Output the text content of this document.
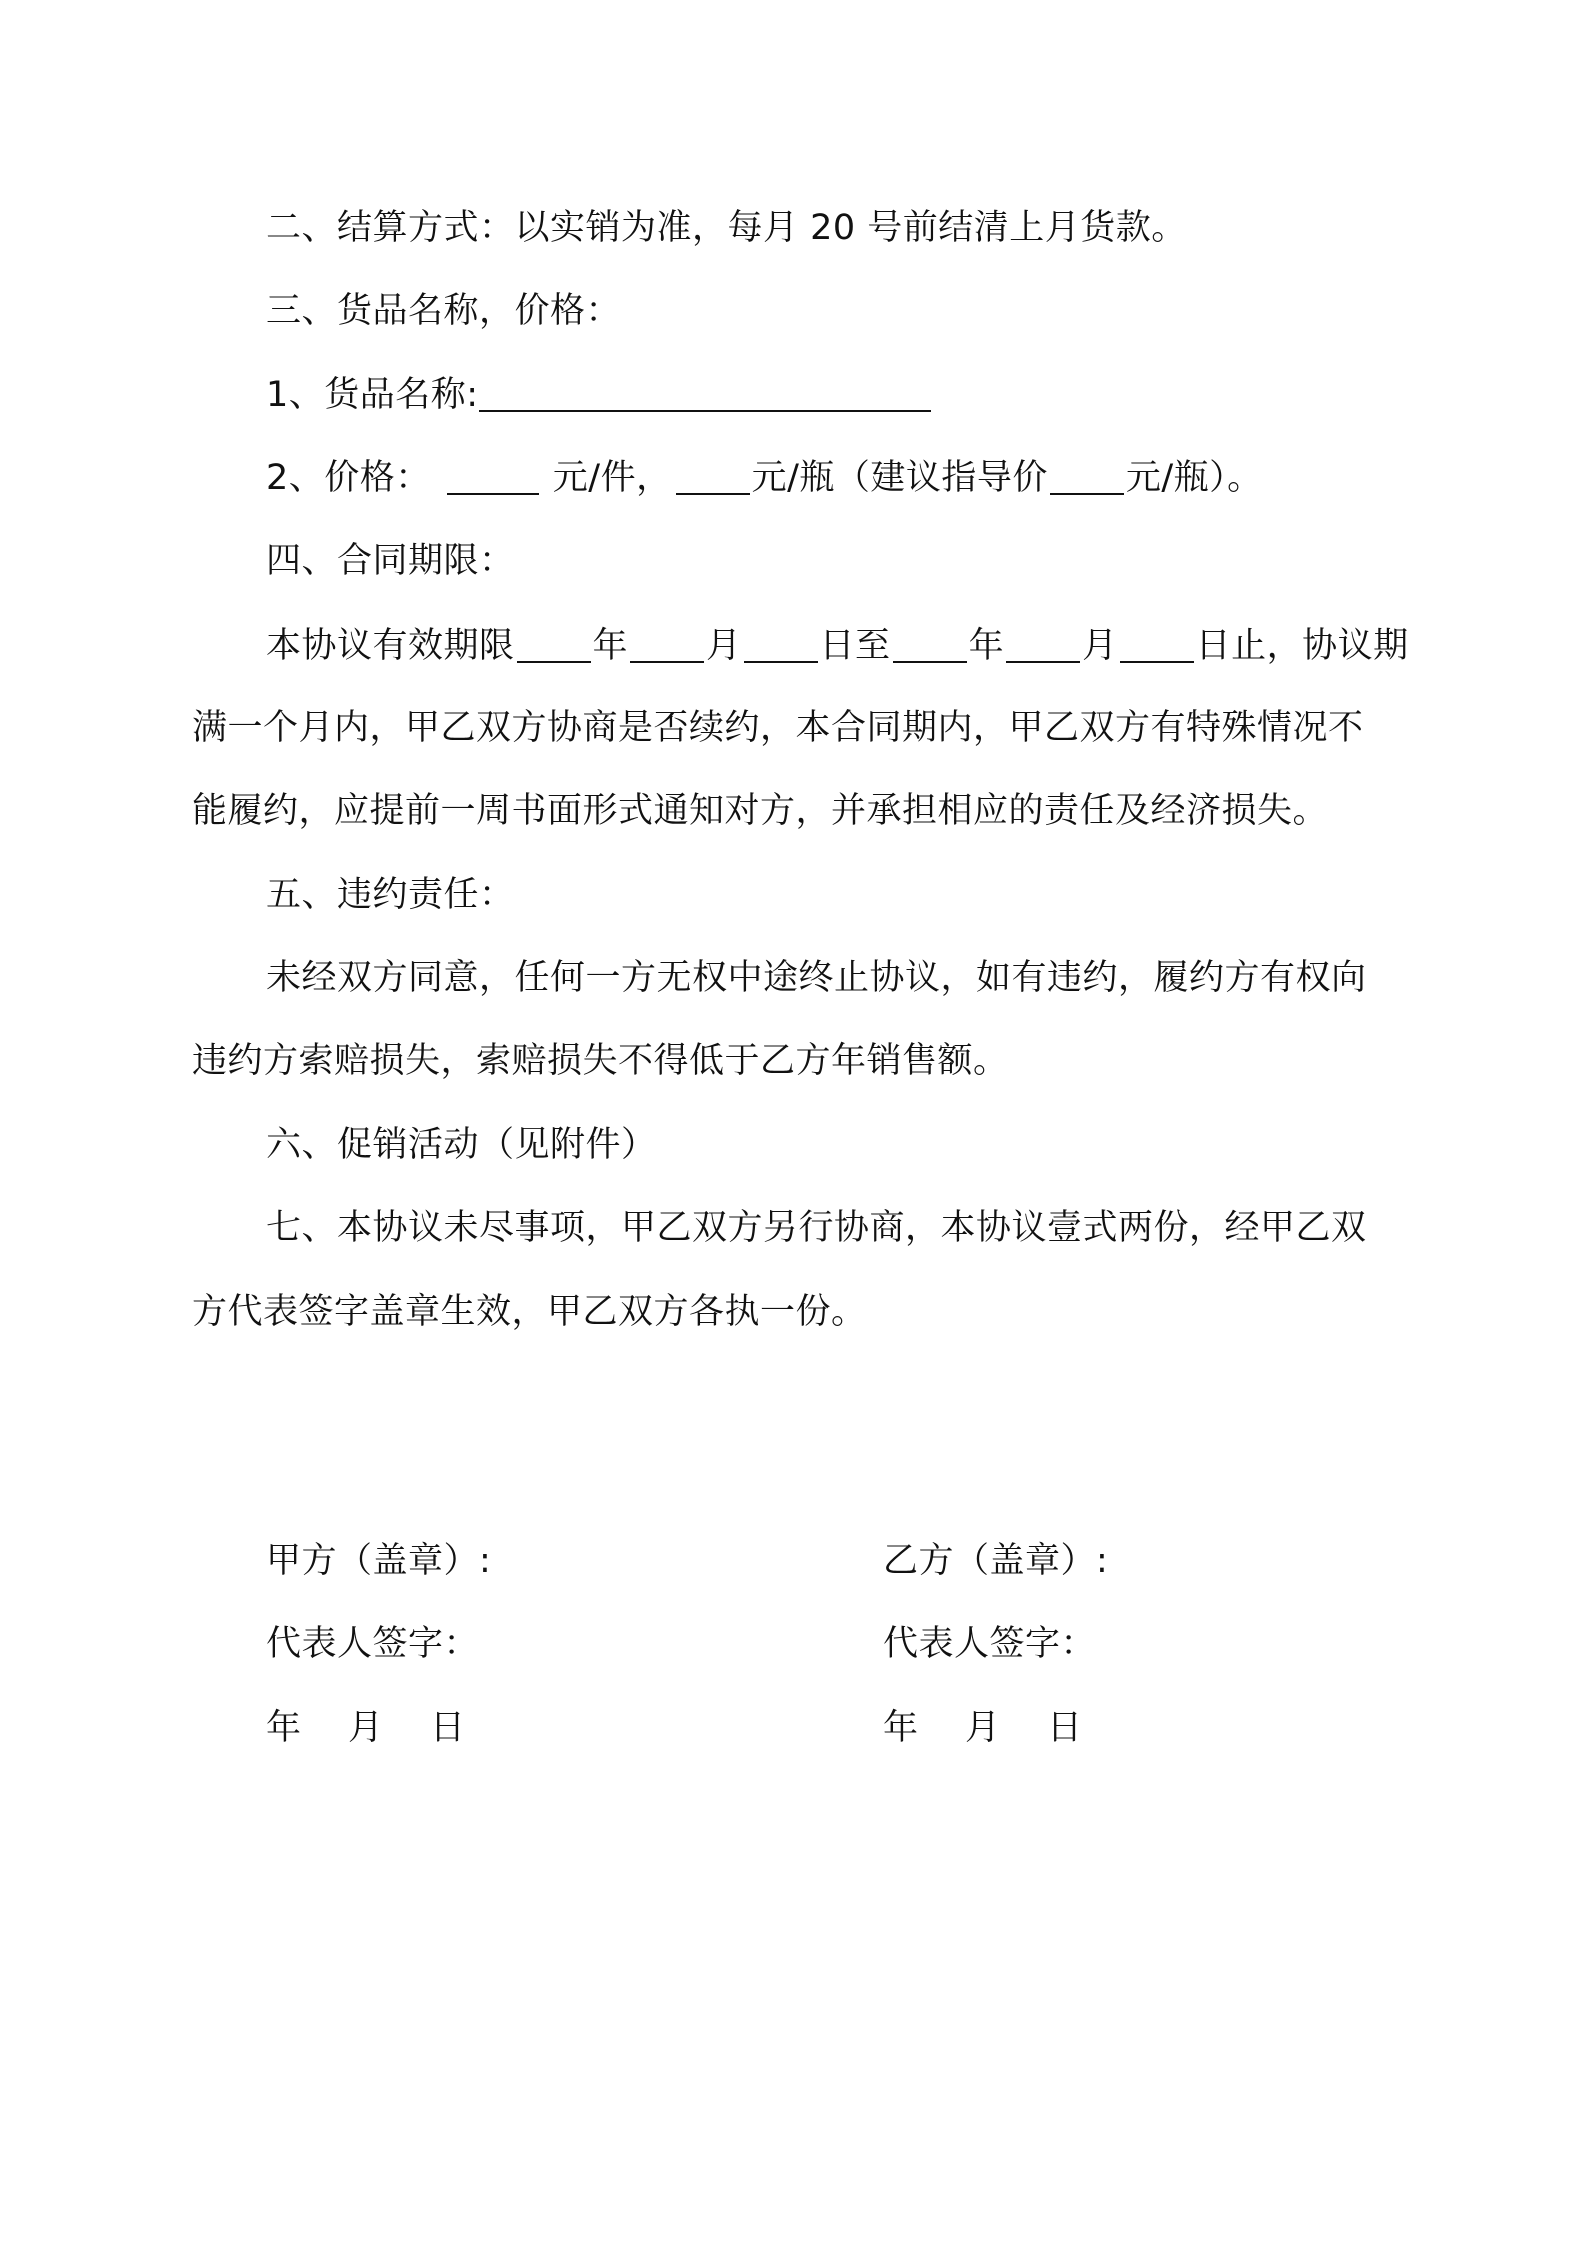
二、结算方式：以实销为准，每月 20 号前结清上月货款。
三、货品名称，价格：
1、货品名称:
2、价格：	元/件， 元/瓶（建议指导价 元/瓶）。
四、合同期限：
本协议有效期限 年 月 日至 年 月 日止，协议期
满一个月内，甲乙双方协商是否续约，本合同期内，甲乙双方有特殊情况不
能履约，应提前一周书面形式通知对方，并承担相应的责任及经济损失。
五、违约责任：
未经双方同意，任何一方无权中途终止协议，如有违约，履约方有权向
违约方索赔损失，索赔损失不得低于乙方年销售额。
六、促销活动（见附件）
七、本协议未尽事项，甲乙双方另行协商，本协议壹式两份，经甲乙双
方代表签字盖章生效，甲乙双方各执一份。
甲方（盖章）:
代表人签字：
年    月    日
乙方（盖章）:
代表人签字：
年    月    日
